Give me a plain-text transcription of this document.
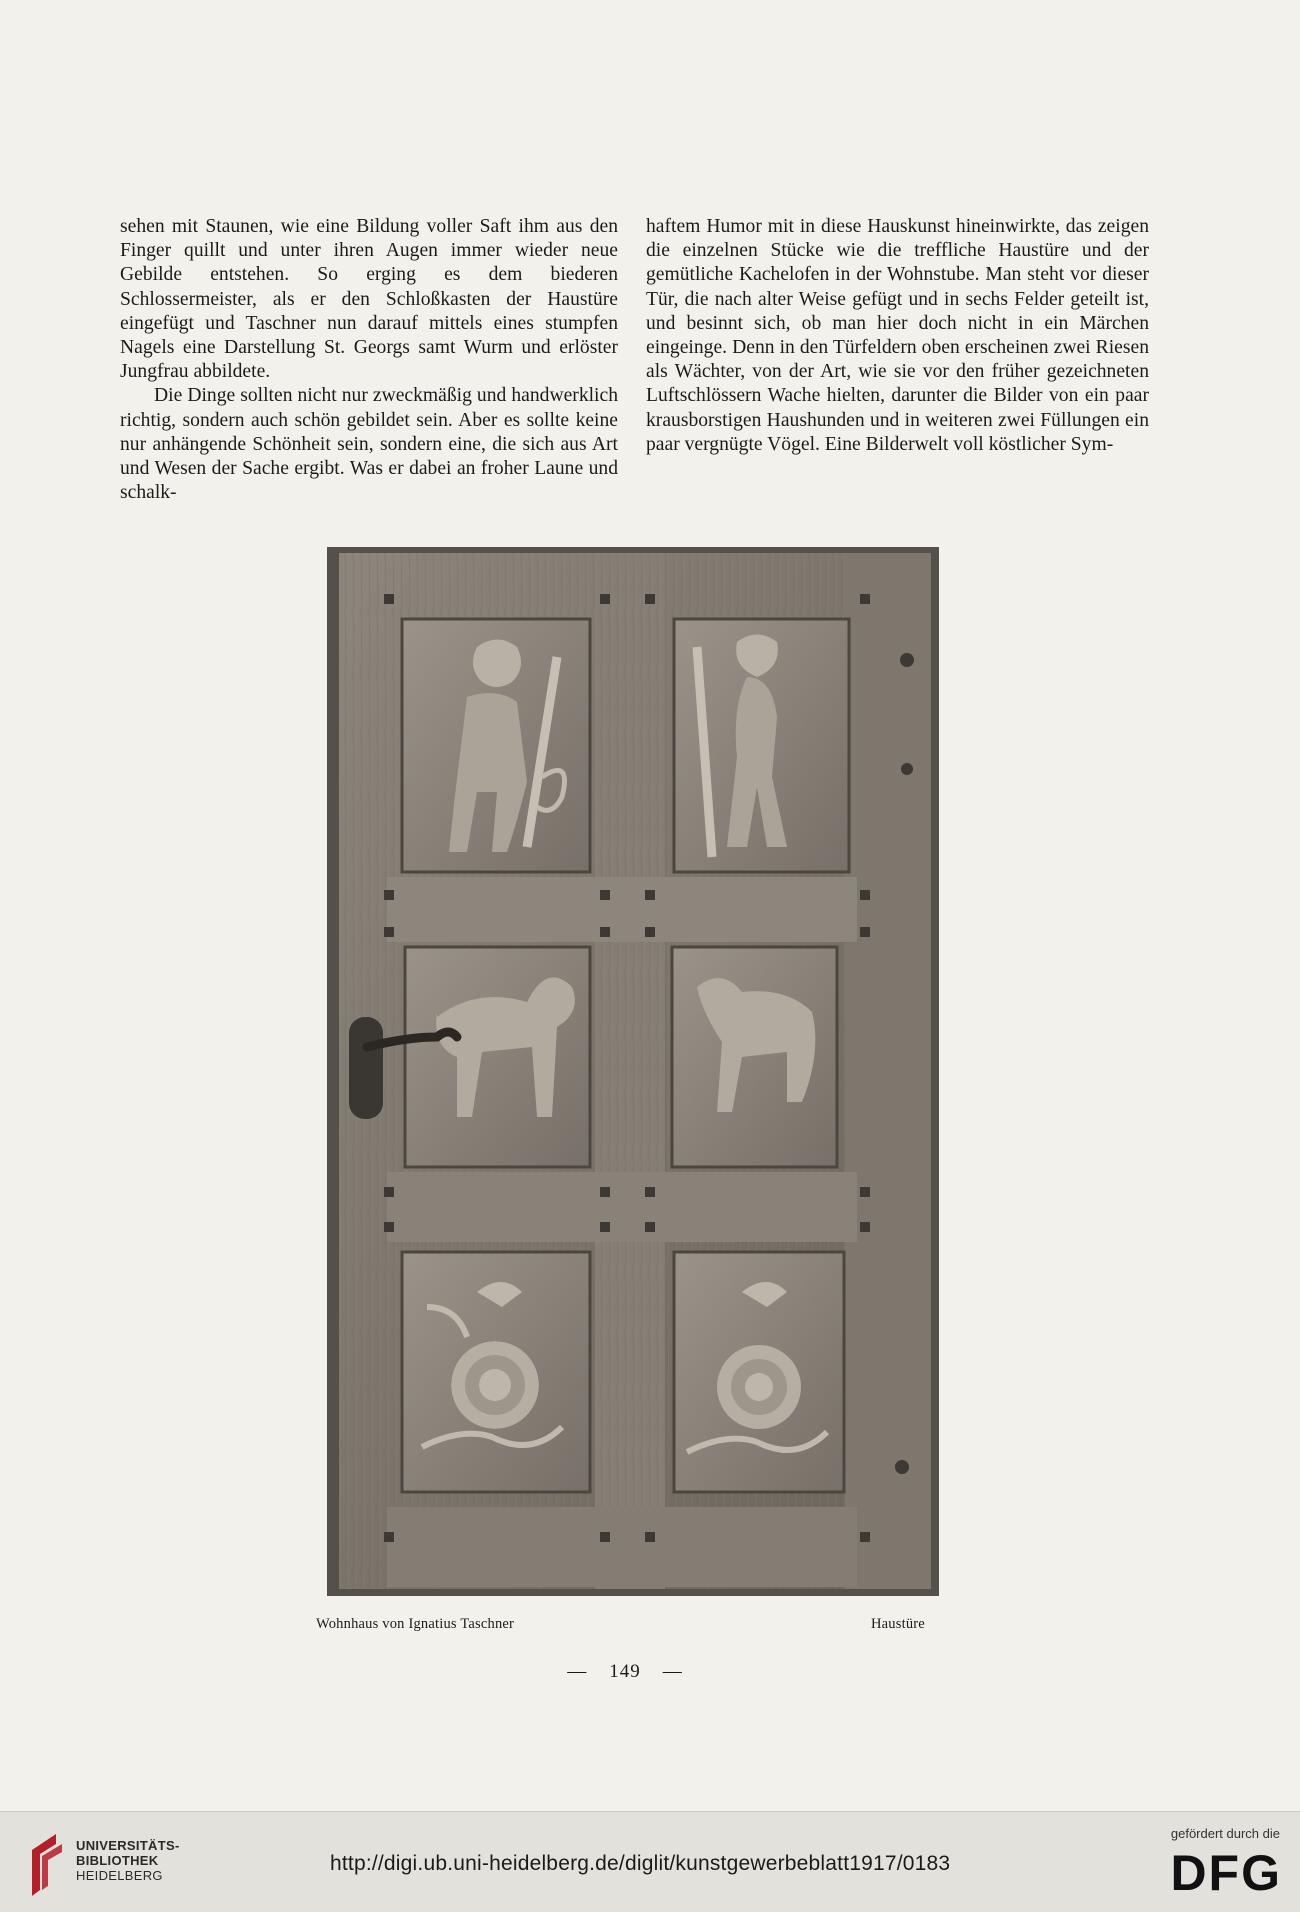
sehen mit Staunen, wie eine Bildung voller Saft ihm aus den Finger quillt und unter ihren Augen immer wieder neue Gebilde entstehen. So erging es dem biederen Schlossermeister, als er den Schloßkasten der Haustüre eingefügt und Taschner nun darauf mittels eines stumpfen Nagels eine Darstellung St. Georgs samt Wurm und erlöster Jungfrau abbildete.

Die Dinge sollten nicht nur zweckmäßig und handwerklich richtig, sondern auch schön gebildet sein. Aber es sollte keine nur anhängende Schönheit sein, sondern eine, die sich aus Art und Wesen der Sache ergibt. Was er dabei an froher Laune und schalk-

haftem Humor mit in diese Hauskunst hineinwirkte, das zeigen die einzelnen Stücke wie die treffliche Haustüre und der gemütliche Kachelofen in der Wohnstube. Man steht vor dieser Tür, die nach alter Weise gefügt und in sechs Felder geteilt ist, und besinnt sich, ob man hier doch nicht in ein Märchen eingeinge. Denn in den Türfeldern oben erscheinen zwei Riesen als Wächter, von der Art, wie sie vor den früher gezeichneten Luftschlössern Wache hielten, darunter die Bilder von ein paar krausborstigen Haushunden und in weiteren zwei Füllungen ein paar vergnügte Vögel. Eine Bilderwelt voll köstlicher Sym-

Wohnhaus von Ignatius Taschner	Haustüre
— 149 —
UNIVERSITÄTS-
BIBLIOTHEK
HEIDELBERG
http://digi.ub.uni-heidelberg.de/diglit/kunstgewerbeblatt1917/0183
gefördert durch die
DFG
